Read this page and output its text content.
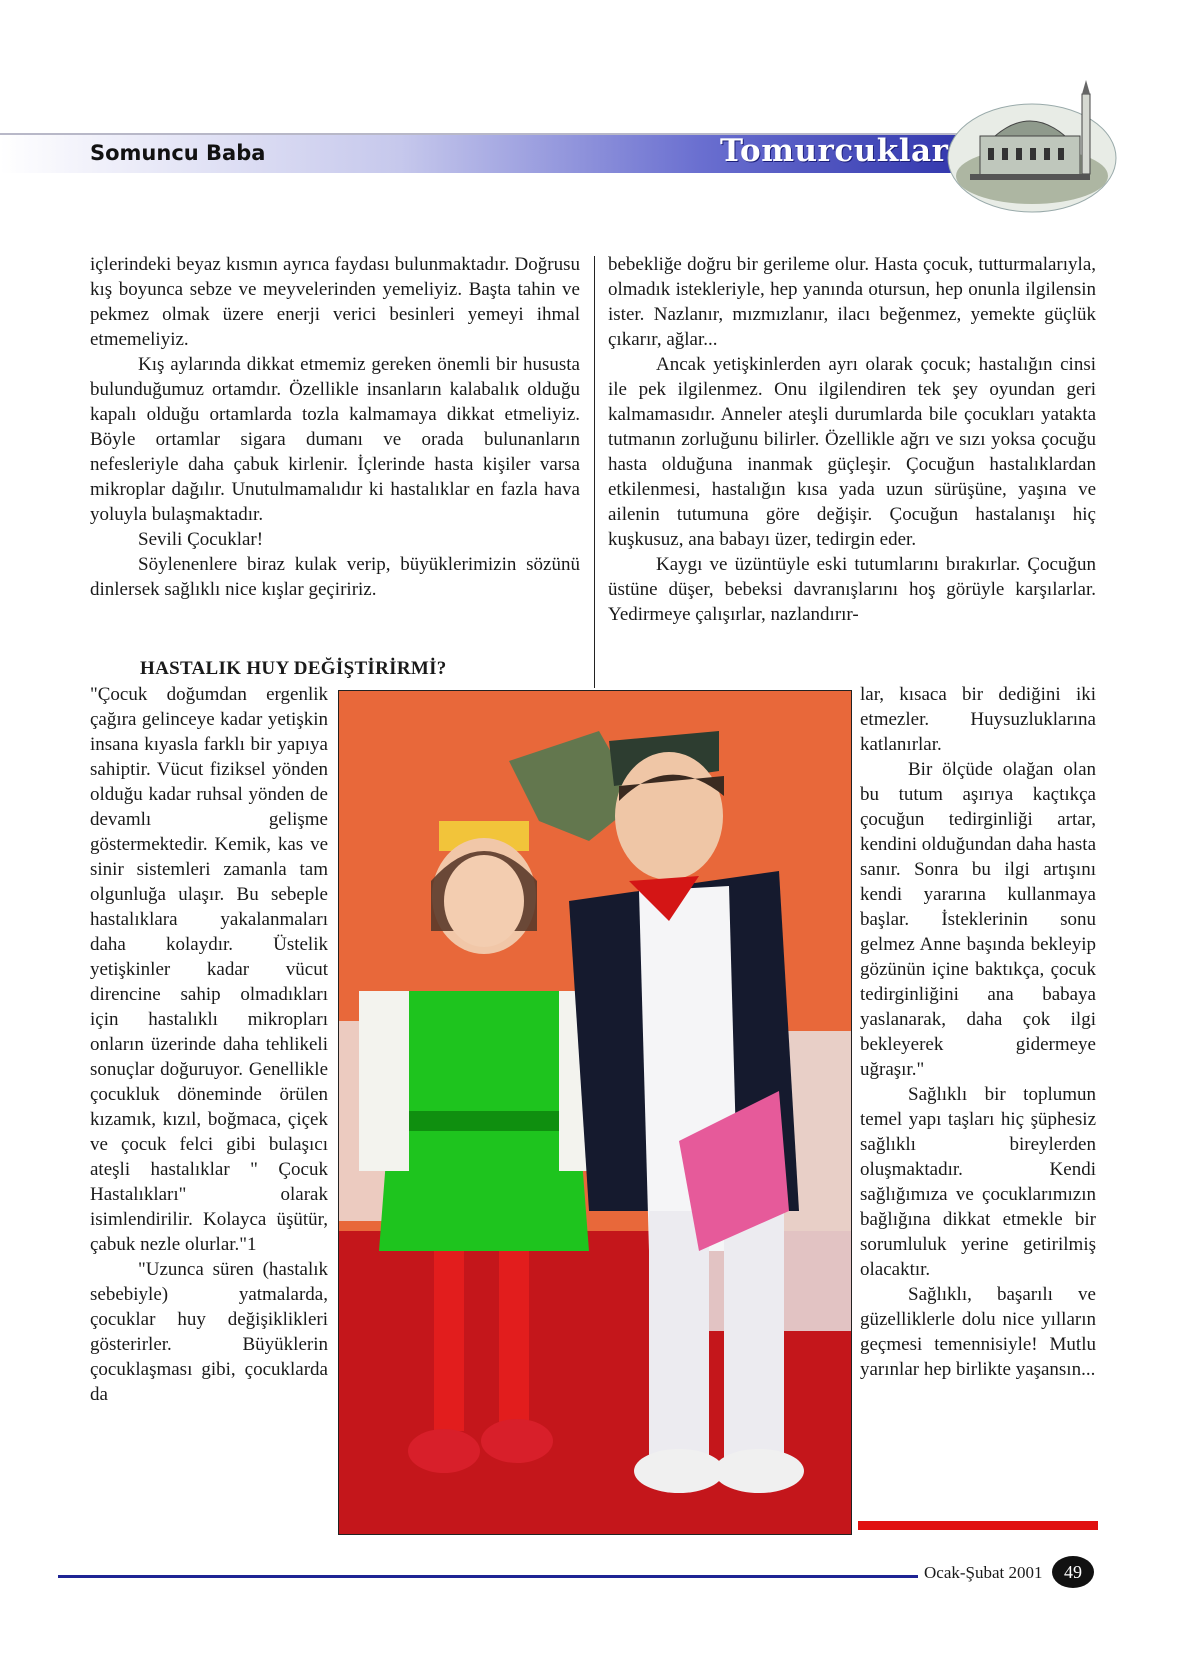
Somuncu Baba	Tomurcuklar

içlerindeki beyaz kısmın ayrıca faydası bulunmaktadır. Doğrusu kış boyunca sebze ve meyvelerinden yemeliyiz. Başta tahin ve pekmez olmak üzere enerji verici besinleri yemeyi ihmal etmemeliyiz.

Kış aylarında dikkat etmemiz gereken önemli bir hususta bulunduğumuz ortamdır. Özellikle insanların kalabalık olduğu kapalı olduğu ortamlarda tozla kalmamaya dikkat etmeliyiz. Böyle ortamlar sigara dumanı ve orada bulunanların nefesleriyle daha çabuk kirlenir. İçlerinde hasta kişiler varsa mikroplar dağılır. Unutulmamalıdır ki hastalıklar en fazla hava yoluyla bulaşmaktadır.

Sevili Çocuklar!

Söylenenlere biraz kulak verip, büyüklerimizin sözünü dinlersek sağlıklı nice kışlar geçiririz.

bebekliğe doğru bir gerileme olur. Hasta çocuk, tutturmalarıyla, olmadık istekleriyle, hep yanında otursun, hep onunla ilgilensin ister. Nazlanır, mızmızlanır, ilacı beğenmez, yemekte güçlük çıkarır, ağlar...

Ancak yetişkinlerden ayrı olarak çocuk; hastalığın cinsi ile pek ilgilenmez. Onu ilgilendiren tek şey oyundan geri kalmamasıdır. Anneler ateşli durumlarda bile çocukları yatakta tutmanın zorluğunu bilirler. Özellikle ağrı ve sızı yoksa çocuğu hasta olduğuna inanmak güçleşir. Çocuğun hastalıklardan etkilenmesi, hastalığın kısa yada uzun sürüşüne, yaşına ve ailenin tutumuna göre değişir. Çocuğun hastalanışı hiç kuşkusuz, ana babayı üzer, tedirgin eder.

Kaygı ve üzüntüyle eski tutumlarını bırakırlar. Çocuğun üstüne düşer, bebeksi davranışlarını hoş görüyle karşılarlar. Yedirmeye çalışırlar, nazlandırır-

HASTALIK HUY DEĞİŞTİRİRMİ?

"Çocuk doğumdan ergenlik çağıra gelinceye kadar yetişkin insana kıyasla farklı bir yapıya sahiptir. Vücut fiziksel yönden olduğu kadar ruhsal yönden de devamlı gelişme göstermektedir. Kemik, kas ve sinir sistemleri zamanla tam olgunluğa ulaşır. Bu sebeple hastalıklara yakalanmaları daha kolaydır. Üstelik yetişkinler kadar vücut direncine sahip olmadıkları için hastalıklı mikropları onların üzerinde daha tehlikeli sonuçlar doğuruyor. Genellikle çocukluk döneminde örülen kızamık, kızıl, boğmaca, çiçek ve çocuk felci gibi bulaşıcı ateşli hastalıklar " Çocuk Hastalıkları" olarak isimlendirilir. Kolayca üşütür, çabuk nezle olurlar."1

"Uzunca süren (hastalık sebebiyle) yatmalarda, çocuklar huy değişiklikleri gösterirler. Büyüklerin çocuklaşması gibi, çocuklarda da

lar, kısaca bir dediğini iki etmezler. Huysuzluklarına katlanırlar.

Bir ölçüde olağan olan bu tutum aşırıya kaçtıkça çocuğun tedirginliği artar, kendini olduğundan daha hasta sanır. Sonra bu ilgi artışını kendi yararına kullanmaya başlar. İsteklerinin sonu gelmez Anne başında bekleyip gözünün içine baktıkça, çocuk tedirginliğini ana babaya yaslanarak, daha çok ilgi bekleyerek gidermeye uğraşır."

Sağlıklı bir toplumun temel yapı taşları hiç şüphesiz sağlıklı bireylerden oluşmaktadır. Kendi sağlığımıza ve çocuklarımızın bağlığına dikkat etmekle bir sorumluluk yerine getirilmiş olacaktır.

Sağlıklı, başarılı ve güzelliklerle dolu nice yılların geçmesi temennisiyle! Mutlu yarınlar hep birlikte yaşansın...

Ocak-Şubat 2001	49
